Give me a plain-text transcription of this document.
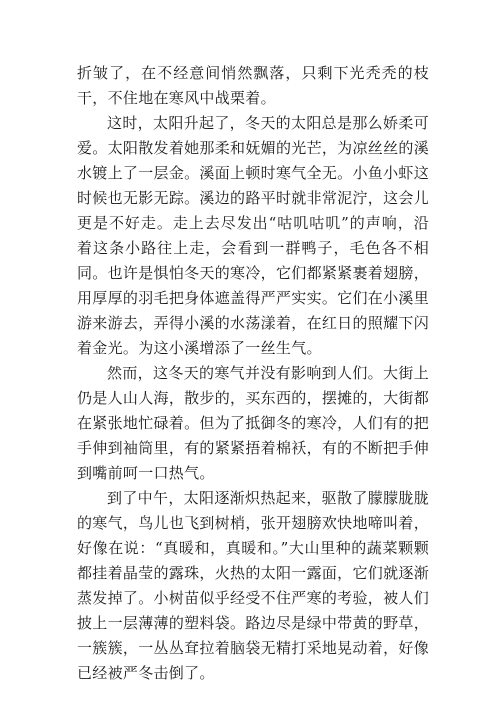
折皱了，在不经意间悄然飘落，只剩下光秃秃的枝干，不住地在寒风中战栗着。

这时，太阳升起了，冬天的太阳总是那么娇柔可爱。太阳散发着她那柔和妩媚的光芒，为凉丝丝的溪水镀上了一层金。溪面上顿时寒气全无。小鱼小虾这时候也无影无踪。溪边的路平时就非常泥泞，这会儿更是不好走。走上去尽发出“咕叽咕叽”的声响，沿着这条小路往上走，会看到一群鸭子，毛色各不相同。也许是惧怕冬天的寒冷，它们都紧紧裹着翅膀，用厚厚的羽毛把身体遮盖得严严实实。它们在小溪里游来游去，弄得小溪的水荡漾着，在红日的照耀下闪着金光。为这小溪增添了一丝生气。

然而，这冬天的寒气并没有影响到人们。大街上仍是人山人海，散步的，买东西的，摆摊的，大街都在紧张地忙碌着。但为了抵御冬的寒冷，人们有的把手伸到袖筒里，有的紧紧捂着棉袄，有的不断把手伸到嘴前呵一口热气。

到了中午，太阳逐渐炽热起来，驱散了朦朦胧胧的寒气，鸟儿也飞到树梢，张开翅膀欢快地啼叫着，好像在说：“真暖和，真暖和。”大山里种的蔬菜颗颗都挂着晶莹的露珠，火热的太阳一露面，它们就逐渐蒸发掉了。小树苗似乎经受不住严寒的考验，被人们披上一层薄薄的塑料袋。路边尽是绿中带黄的野草，一簇簇，一丛丛耷拉着脑袋无精打采地晃动着，好像已经被严冬击倒了。
